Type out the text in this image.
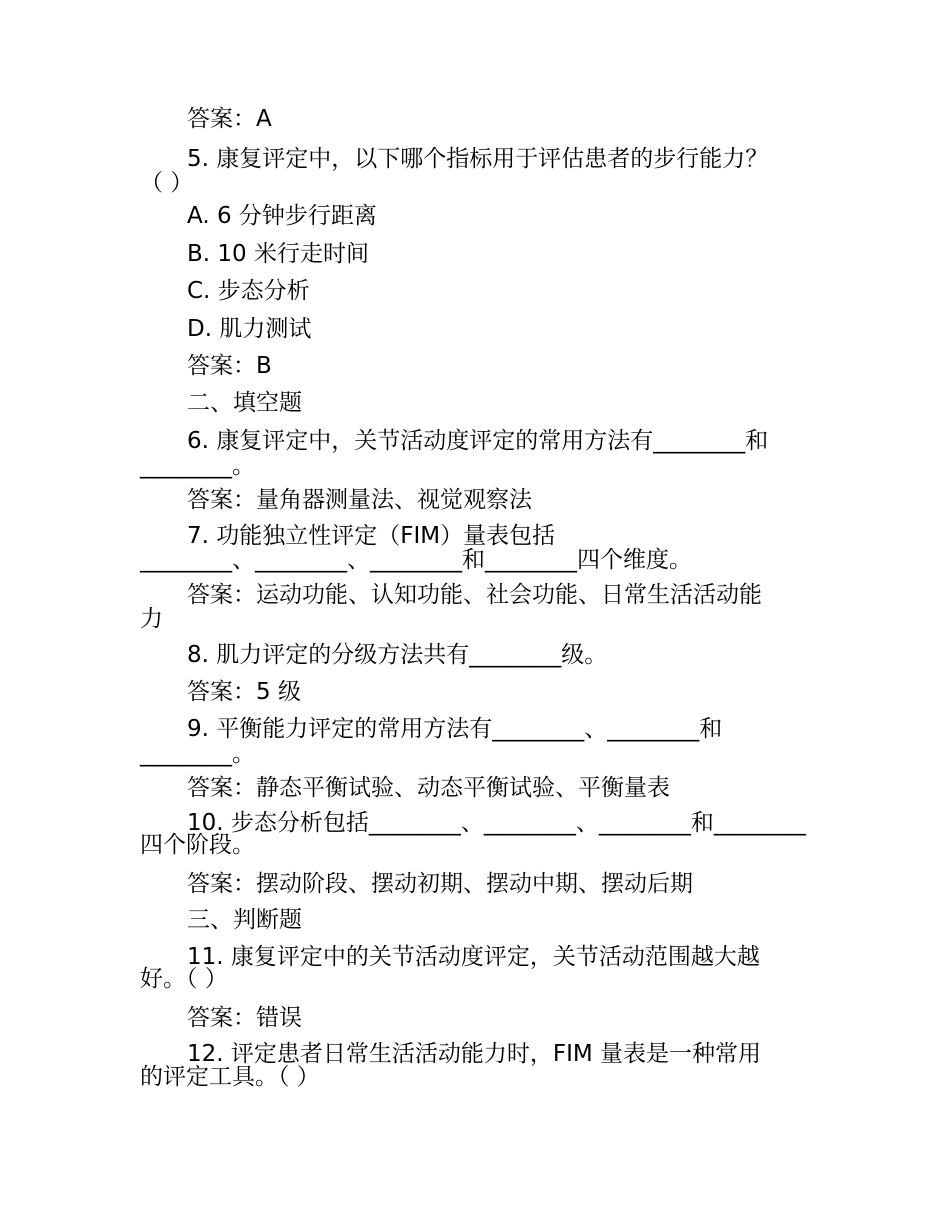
答案：A

5. 康复评定中，以下哪个指标用于评估患者的步行能力？

（ ）

A. 6 分钟步行距离

B. 10 米行走时间

C. 步态分析

D. 肌力测试

答案：B

二、填空题

6. 康复评定中，关节活动度评定的常用方法有________和

________。

答案：量角器测量法、视觉观察法

7. 功能独立性评定（FIM）量表包括

________、________、________和________四个维度。

答案：运动功能、认知功能、社会功能、日常生活活动能

力

8. 肌力评定的分级方法共有________级。

答案：5 级

9. 平衡能力评定的常用方法有________、________和

________。

答案：静态平衡试验、动态平衡试验、平衡量表

10. 步态分析包括________、________、________和________

四个阶段。

答案：摆动阶段、摆动初期、摆动中期、摆动后期

三、判断题

11. 康复评定中的关节活动度评定，关节活动范围越大越

好。（ ）

答案：错误

12. 评定患者日常生活活动能力时，FIM 量表是一种常用

的评定工具。（ ）
